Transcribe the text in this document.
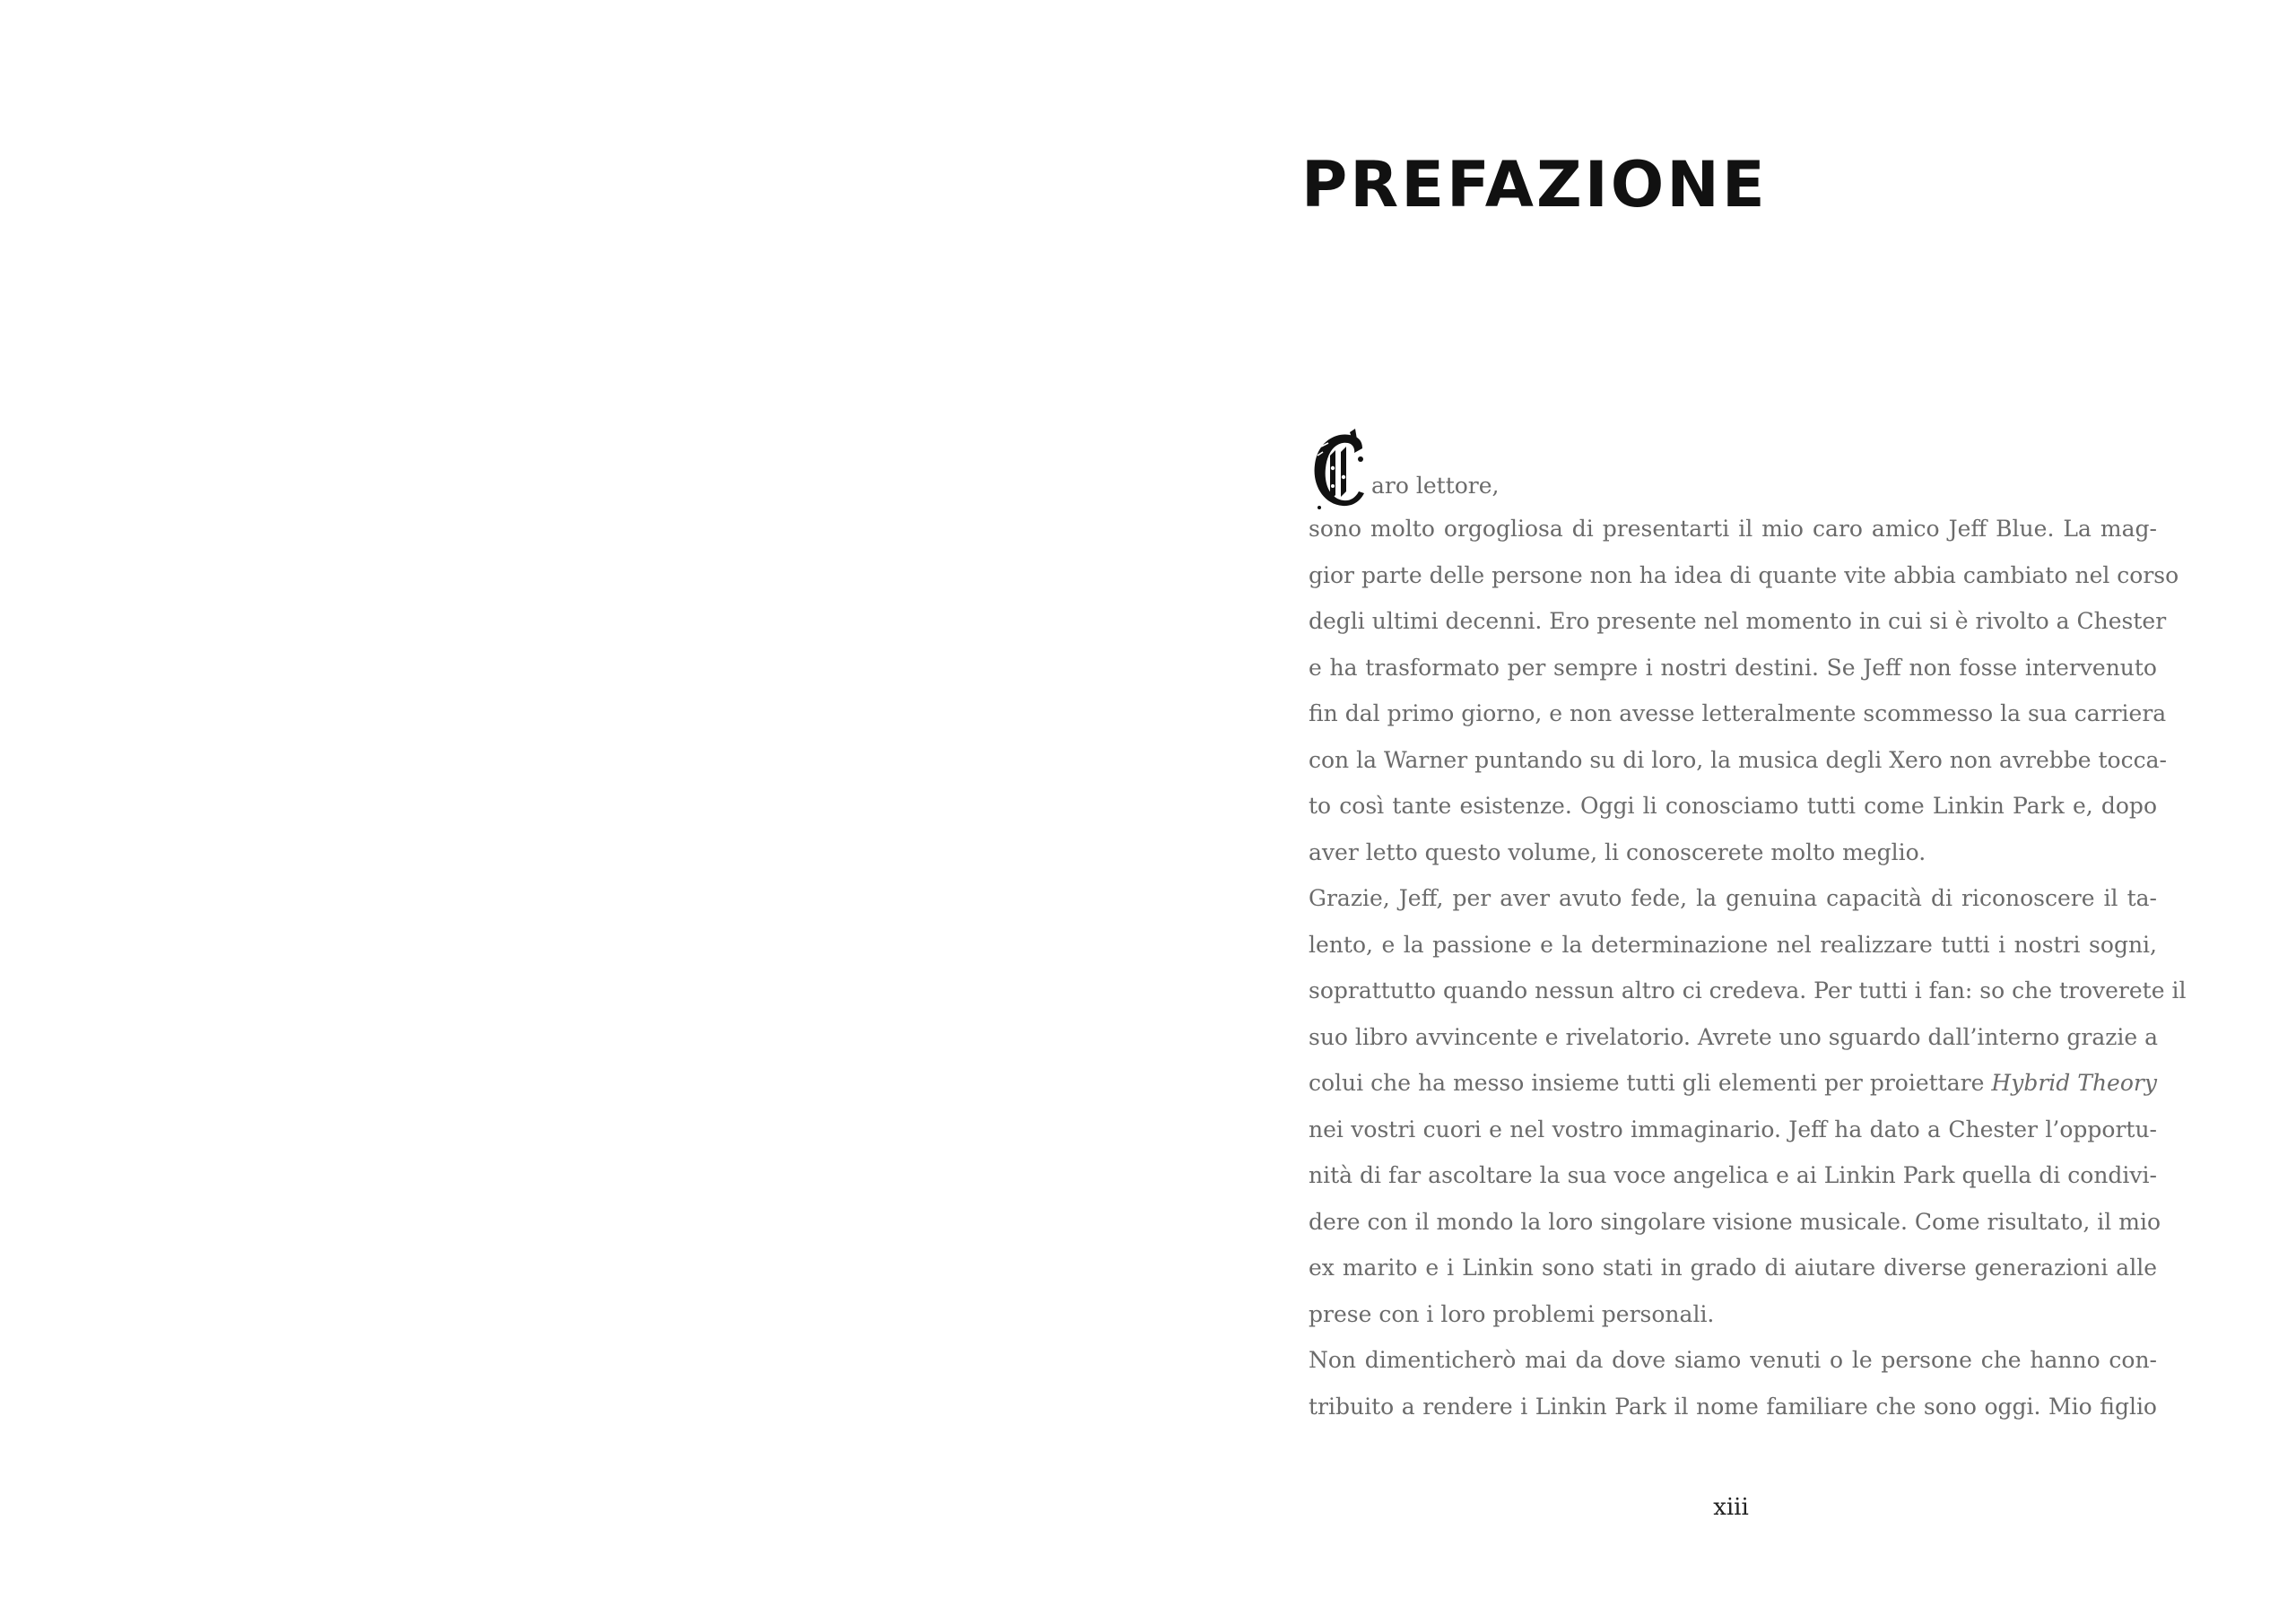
PREFAZIONE
C
aro lettore,
sono molto orgogliosa di presentarti il mio caro amico Jeff Blue. La mag-
gior parte delle persone non ha idea di quante vite abbia cambiato nel corso
degli ultimi decenni. Ero presente nel momento in cui si è rivolto a Chester
e ha trasformato per sempre i nostri destini. Se Jeff non fosse intervenuto
fin dal primo giorno, e non avesse letteralmente scommesso la sua carriera
con la Warner puntando su di loro, la musica degli Xero non avrebbe tocca-
to così tante esistenze. Oggi li conosciamo tutti come Linkin Park e, dopo
aver letto questo volume, li conoscerete molto meglio.
Grazie, Jeff, per aver avuto fede, la genuina capacità di riconoscere il ta-
lento, e la passione e la determinazione nel realizzare tutti i nostri sogni,
soprattutto quando nessun altro ci credeva. Per tutti i fan: so che troverete il
suo libro avvincente e rivelatorio. Avrete uno sguardo dall’interno grazie a
colui che ha messo insieme tutti gli elementi per proiettare Hybrid Theory
nei vostri cuori e nel vostro immaginario. Jeff ha dato a Chester l’opportu-
nità di far ascoltare la sua voce angelica e ai Linkin Park quella di condivi-
dere con il mondo la loro singolare visione musicale. Come risultato, il mio
ex marito e i Linkin sono stati in grado di aiutare diverse generazioni alle
prese con i loro problemi personali.
Non dimenticherò mai da dove siamo venuti o le persone che hanno con-
tribuito a rendere i Linkin Park il nome familiare che sono oggi. Mio figlio
xiii
